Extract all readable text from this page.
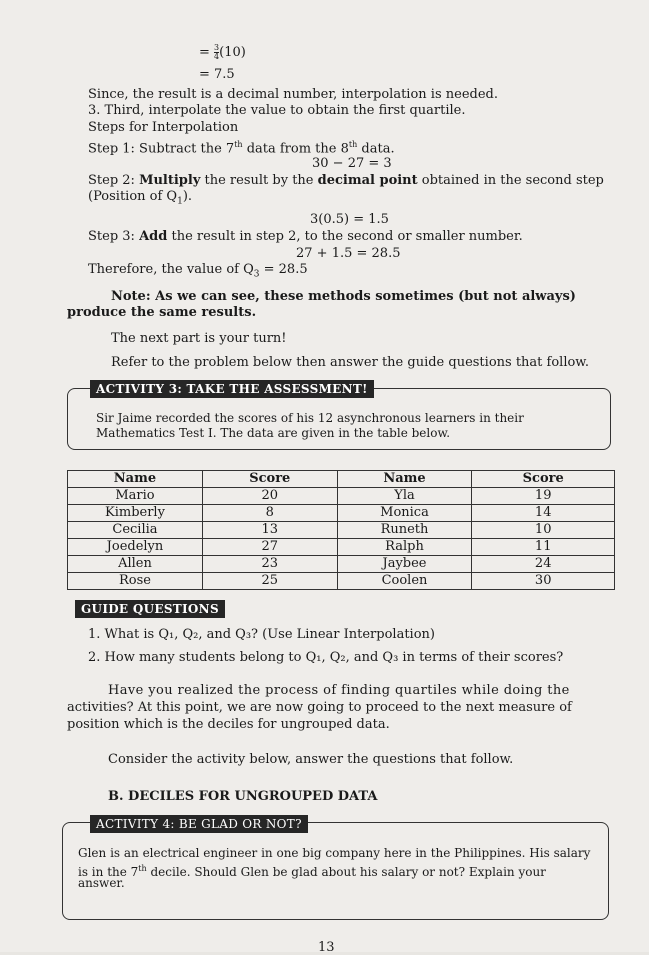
= $\frac{3}{4} (10)$
= 7.5
Since, the result is a decimal number, interpolation is needed.
3. Third, interpolate the value to obtain the first quartile.
Steps for Interpolation
Step 1: Subtract the 7th data from the 8th data.
30 − 27 = 3
Step 2: Multiply the result by the decimal point obtained in the second step
(Position of $Q_1$).
3(0.5) = 1.5
Step 3: Add the result in step 2, to the second or smaller number.
27 + 1.5 = 28.5
Therefore, the value of $Q_3 = 28.5$
Note: As we can see, these methods sometimes (but not always)
produce the same results.
The next part is your turn!
Refer to the problem below then answer the guide questions that follow.
ACTIVITY 3: TAKE THE ASSESSMENT!
Sir Jaime recorded the scores of his 12 asynchronous learners in their
Mathematics Test I. The data are given in the table below.
Name	Score	Name	Score
Mario	20	Yla	19
Kimberly	8	Monica	14
Cecilia	13	Runeth	10
Joedelyn	27	Ralph	11
Allen	23	Jaybee	24
Rose	25	Coolen	30
GUIDE QUESTIONS
1. What is Q₁, Q₂, and Q₃? (Use Linear Interpolation)
2. How many students belong to Q₁, Q₂, and Q₃ in terms of their scores?
Have you realized the process of finding quartiles while doing the
activities? At this point, we are now going to proceed to the next measure of
position which is the deciles for ungrouped data.
Consider the activity below, answer the questions that follow.
B. DECILES FOR UNGROUPED DATA
ACTIVITY 4: BE GLAD OR NOT?
Glen is an electrical engineer in one big company here in the Philippines. His salary
is in the 7th decile. Should Glen be glad about his salary or not? Explain your
answer.
13
